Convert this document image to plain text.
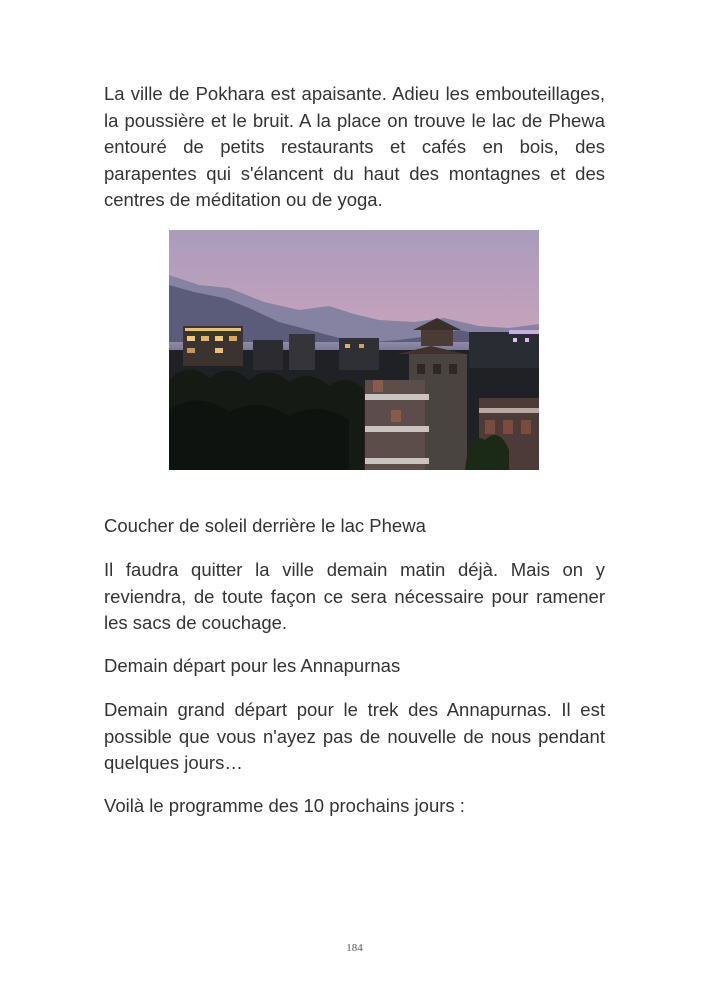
La ville de Pokhara est apaisante. Adieu les embouteillages, la poussière et le bruit. A la place on trouve le lac de Phewa entouré de petits restaurants et cafés en bois, des parapentes qui s'élancent du haut des montagnes et des centres de méditation ou de yoga.

Coucher de soleil derrière le lac Phewa

Il faudra quitter la ville demain matin déjà. Mais on y reviendra, de toute façon ce sera nécessaire pour ramener les sacs de couchage.

Demain départ pour les Annapurnas

Demain grand départ pour le trek des Annapurnas. Il est possible que vous n'ayez pas de nouvelle de nous pendant quelques jours…

Voilà le programme des 10 prochains jours :

184
